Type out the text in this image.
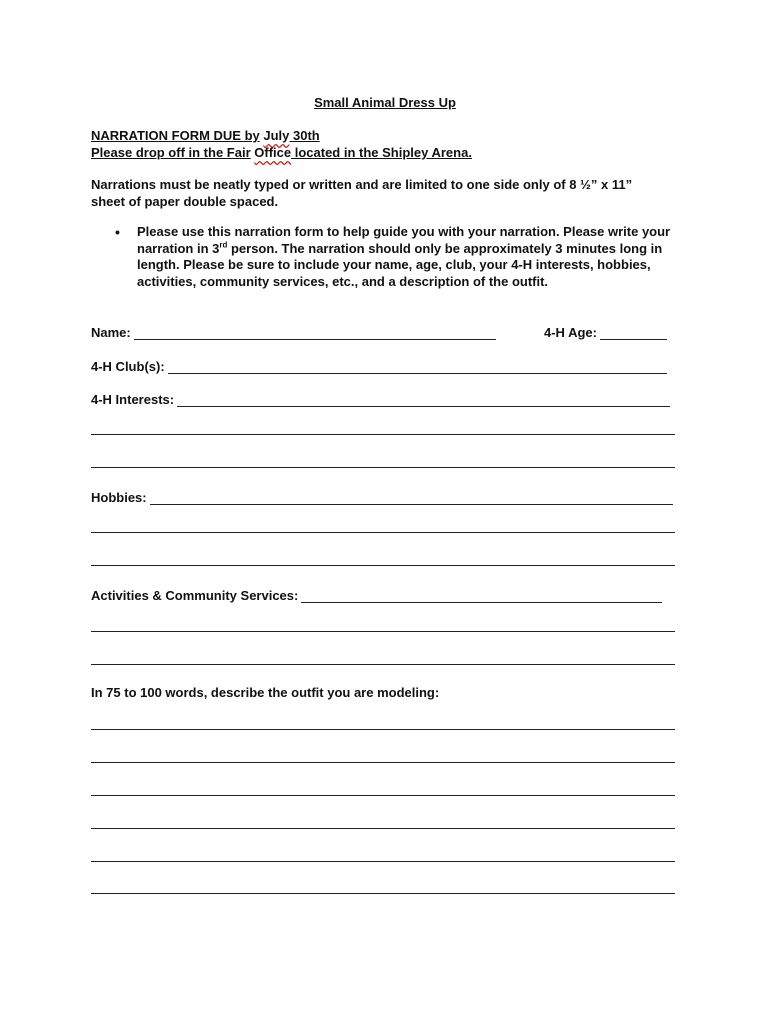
Small Animal Dress Up
NARRATION FORM DUE by July 30th
Please drop off in the Fair Office located in the Shipley Arena.
Narrations must be neatly typed or written and are limited to one side only of 8 ½” x 11”
sheet of paper double spaced.
• Please use this narration form to help guide you with your narration. Please write your narration in 3rd person. The narration should only be approximately 3 minutes long in length. Please be sure to include your name, age, club, your 4-H interests, hobbies, activities, community services, etc., and a description of the outfit.
Name:	4-H Age:
4-H Club(s):
4-H Interests:
Hobbies:
Activities & Community Services:
In 75 to 100 words, describe the outfit you are modeling:
